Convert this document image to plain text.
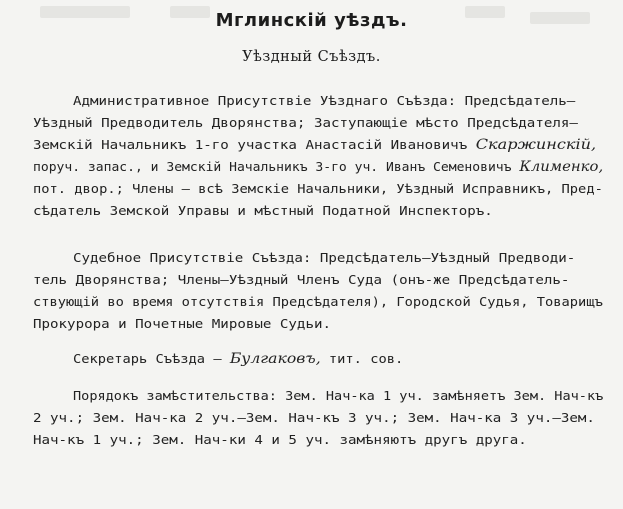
Мглинскій уѣздъ.
Уѣздный Съѣздъ.
Административное Присутствіе Уѣзднаго Съѣзда: Предсѣдатель—
Уѣздный Предводитель Дворянства; Заступающіе мѣсто Предсѣдателя—
Земскій Начальникъ 1-го участка Анастасій Ивановичъ Скаржинскій,
поруч. запас., и Земскій Начальникъ 3-го уч. Иванъ Семеновичъ Клименко,
пот. двор.; Члены — всѣ Земскіе Начальники, Уѣздный Исправникъ, Пред-
сѣдатель Земской Управы и мѣстный Податной Инспекторъ.
Судебное Присутствіе Съѣзда: Предсѣдатель—Уѣздный Предводи-
тель Дворянства; Члены—Уѣздный Членъ Суда (онъ-же Предсѣдатель-
ствующій во время отсутствія Предсѣдателя), Городской Судья, Товарищъ
Прокурора и Почетные Мировые Судьи.
Секретарь Съѣзда — Булгаковъ, тит. сов.
Порядокъ замѣстительства: Зем. Нач-ка 1 уч. замѣняетъ Зем. Нач-къ
2 уч.; Зем. Нач-ка 2 уч.—Зем. Нач-къ 3 уч.; Зем. Нач-ка 3 уч.—Зем.
Нач-къ 1 уч.; Зем. Нач-ки 4 и 5 уч. замѣняютъ другъ друга.
